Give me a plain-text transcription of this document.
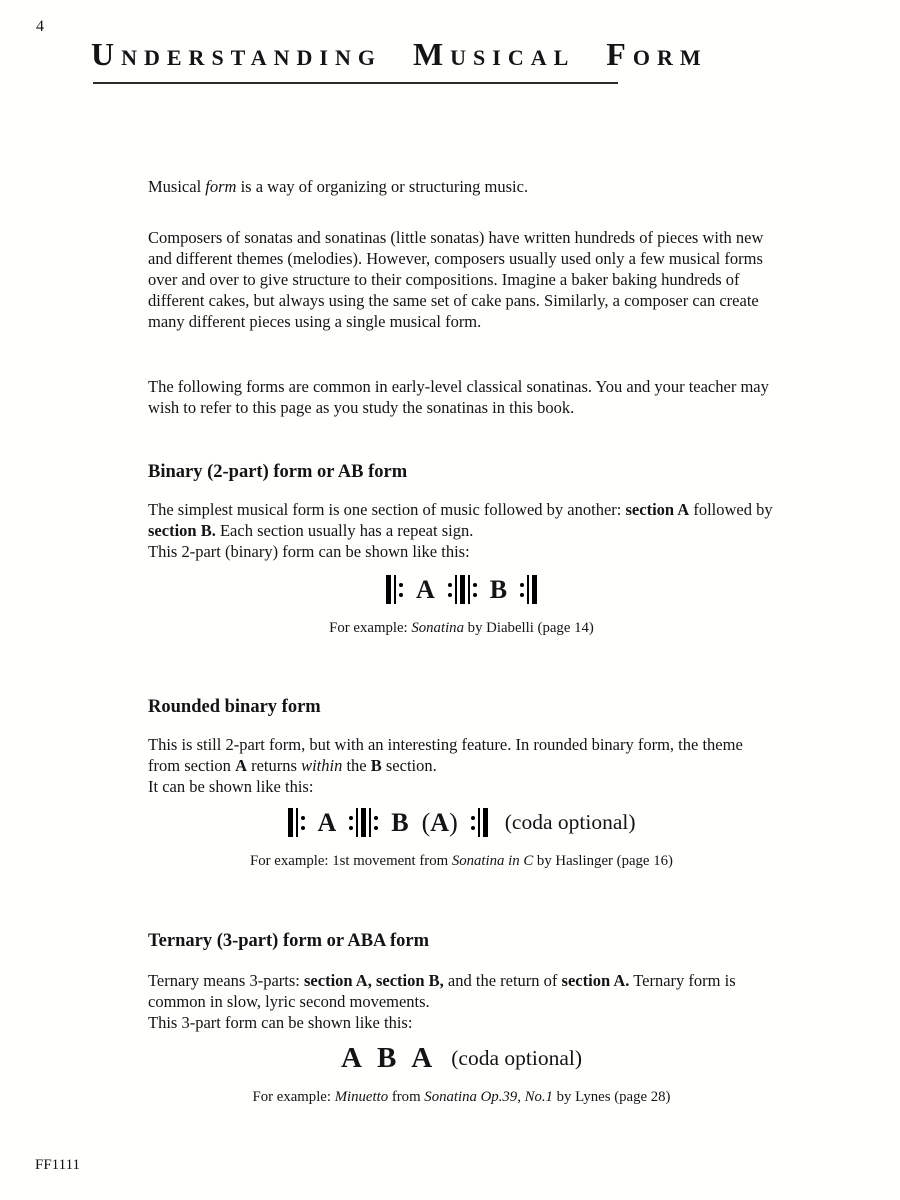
4
Understanding Musical Form

Musical form is a way of organizing or structuring music.

Composers of sonatas and sonatinas (little sonatas) have written hundreds of pieces with new and different themes (melodies). However, composers usually used only a few musical forms over and over to give structure to their compositions. Imagine a baker baking hundreds of different cakes, but always using the same set of cake pans. Similarly, a composer can create many different pieces using a single musical form.

The following forms are common in early-level classical sonatinas. You and your teacher may wish to refer to this page as you study the sonatinas in this book.

Binary (2-part) form or AB form

The simplest musical form is one section of music followed by another: section A followed by section B. Each section usually has a repeat sign.
This 2-part (binary) form can be shown like this:

A B

For example: Sonatina by Diabelli (page 14)

Rounded binary form

This is still 2-part form, but with an interesting feature. In rounded binary form, the theme from section A returns within the B section.
It can be shown like this:

A B (A) (coda optional)

For example: 1st movement from Sonatina in C by Haslinger (page 16)

Ternary (3-part) form or ABA form

Ternary means 3-parts: section A, section B, and the return of section A. Ternary form is common in slow, lyric second movements.
This 3-part form can be shown like this:

A B A (coda optional)

For example: Minuetto from Sonatina Op.39, No.1 by Lynes (page 28)

FF1111
